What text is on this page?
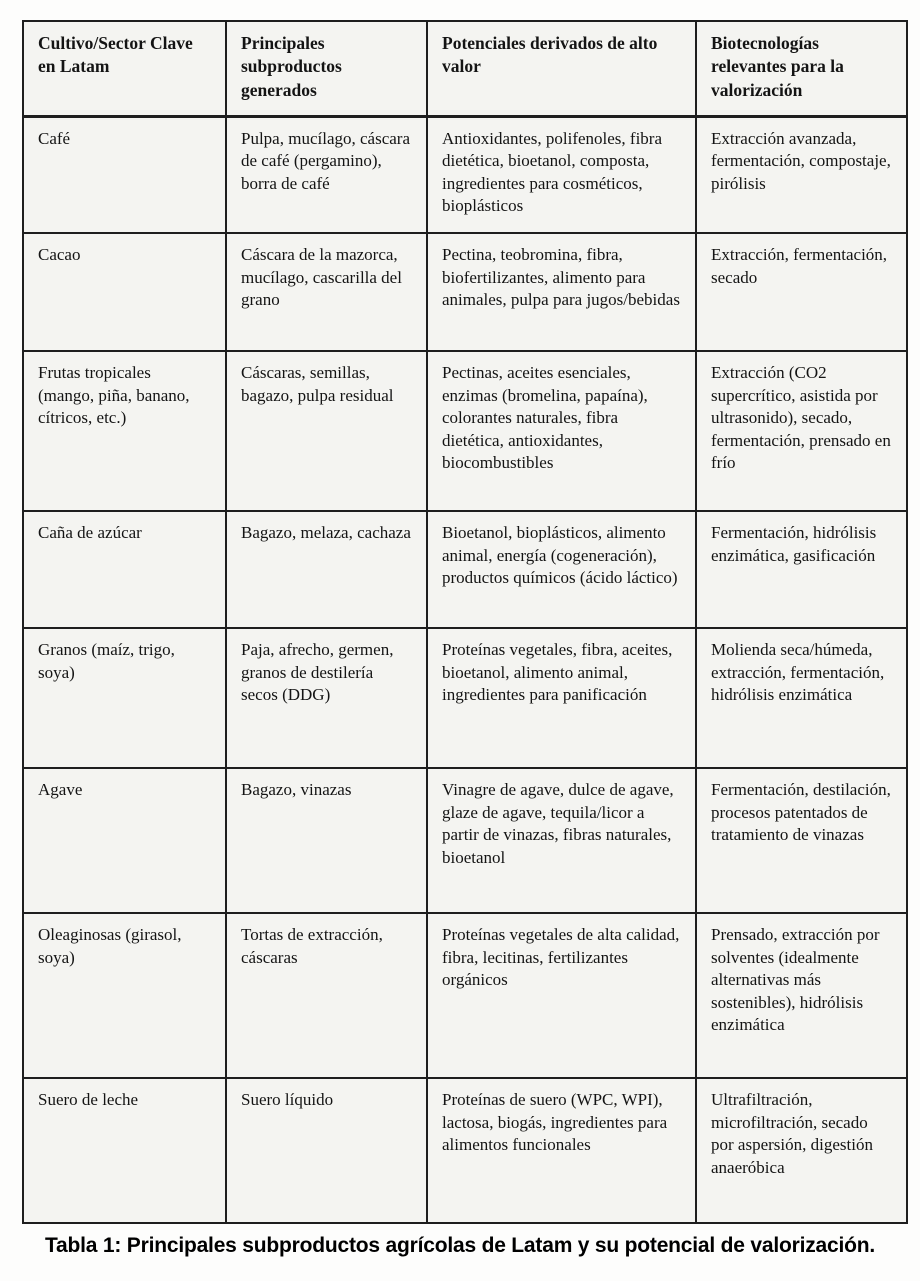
Cultivo/Sector Clave en Latam	Principales subproductos generados	Potenciales derivados de alto valor	Biotecnologías relevantes para la valorización
Café	Pulpa, mucílago, cáscara de café (pergamino), borra de café	Antioxidantes, polifenoles, fibra dietética, bioetanol, composta, ingredientes para cosméticos, bioplásticos	Extracción avanzada, fermentación, compostaje, pirólisis
Cacao	Cáscara de la mazorca, mucílago, cascarilla del grano	Pectina, teobromina, fibra, biofertilizantes, alimento para animales, pulpa para jugos/bebidas	Extracción, fermentación, secado
Frutas tropicales (mango, piña, banano, cítricos, etc.)	Cáscaras, semillas, bagazo, pulpa residual	Pectinas, aceites esenciales, enzimas (bromelina, papaína), colorantes naturales, fibra dietética, antioxidantes, biocombustibles	Extracción (CO2 supercrítico, asistida por ultrasonido), secado, fermentación, prensado en frío
Caña de azúcar	Bagazo, melaza, cachaza	Bioetanol, bioplásticos, alimento animal, energía (cogeneración), productos químicos (ácido láctico)	Fermentación, hidrólisis enzimática, gasificación
Granos (maíz, trigo, soya)	Paja, afrecho, germen, granos de destilería secos (DDG)	Proteínas vegetales, fibra, aceites, bioetanol, alimento animal, ingredientes para panificación	Molienda seca/húmeda, extracción, fermentación, hidrólisis enzimática
Agave	Bagazo, vinazas	Vinagre de agave, dulce de agave, glaze de agave, tequila/licor a partir de vinazas, fibras naturales, bioetanol	Fermentación, destilación, procesos patentados de tratamiento de vinazas
Oleaginosas (girasol, soya)	Tortas de extracción, cáscaras	Proteínas vegetales de alta calidad, fibra, lecitinas, fertilizantes orgánicos	Prensado, extracción por solventes (idealmente alternativas más sostenibles), hidrólisis enzimática
Suero de leche	Suero líquido	Proteínas de suero (WPC, WPI), lactosa, biogás, ingredientes para alimentos funcionales	Ultrafiltración, microfiltración, secado por aspersión, digestión anaeróbica
Tabla 1: Principales subproductos agrícolas de Latam y su potencial de valorización.
